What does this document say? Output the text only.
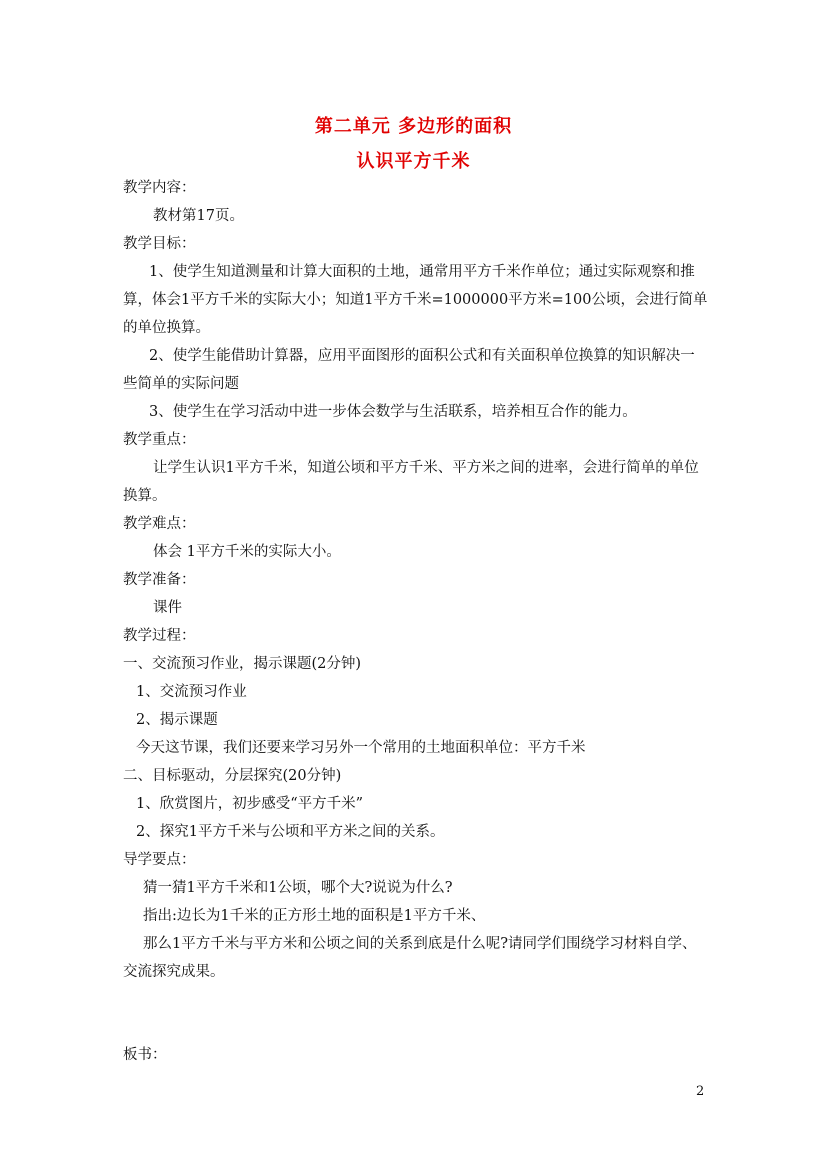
第二单元 多边形的面积
认识平方千米
教学内容：
教材第17页。
教学目标：
1、使学生知道测量和计算大面积的土地，通常用平方千米作单位；通过实际观察和推
算，体会1平方千米的实际大小；知道1平方千米=1000000平方米=100公顷，会进行简单
的单位换算。
2、使学生能借助计算器，应用平面图形的面积公式和有关面积单位换算的知识解决一
些简单的实际问题
3、使学生在学习活动中进一步体会数学与生活联系，培养相互合作的能力。
教学重点：
让学生认识1平方千米，知道公顷和平方千米、平方米之间的进率，会进行简单的单位
换算。
教学难点：
体会 1平方千米的实际大小。
教学准备：
课件
教学过程：
一、交流预习作业，揭示课题(2分钟)
1、交流预习作业
2、揭示课题
今天这节课，我们还要来学习另外一个常用的土地面积单位：平方千米
二、目标驱动，分层探究(20分钟)
1、欣赏图片，初步感受“平方千米”
2、探究1平方千米与公顷和平方米之间的关系。
导学要点：
猜一猜1平方千米和1公顷，哪个大?说说为什么?
指出:边长为1千米的正方形土地的面积是1平方千米、
那么1平方千米与平方米和公顷之间的关系到底是什么呢?请同学们围绕学习材料自学、
交流探究成果。
板书：
2
